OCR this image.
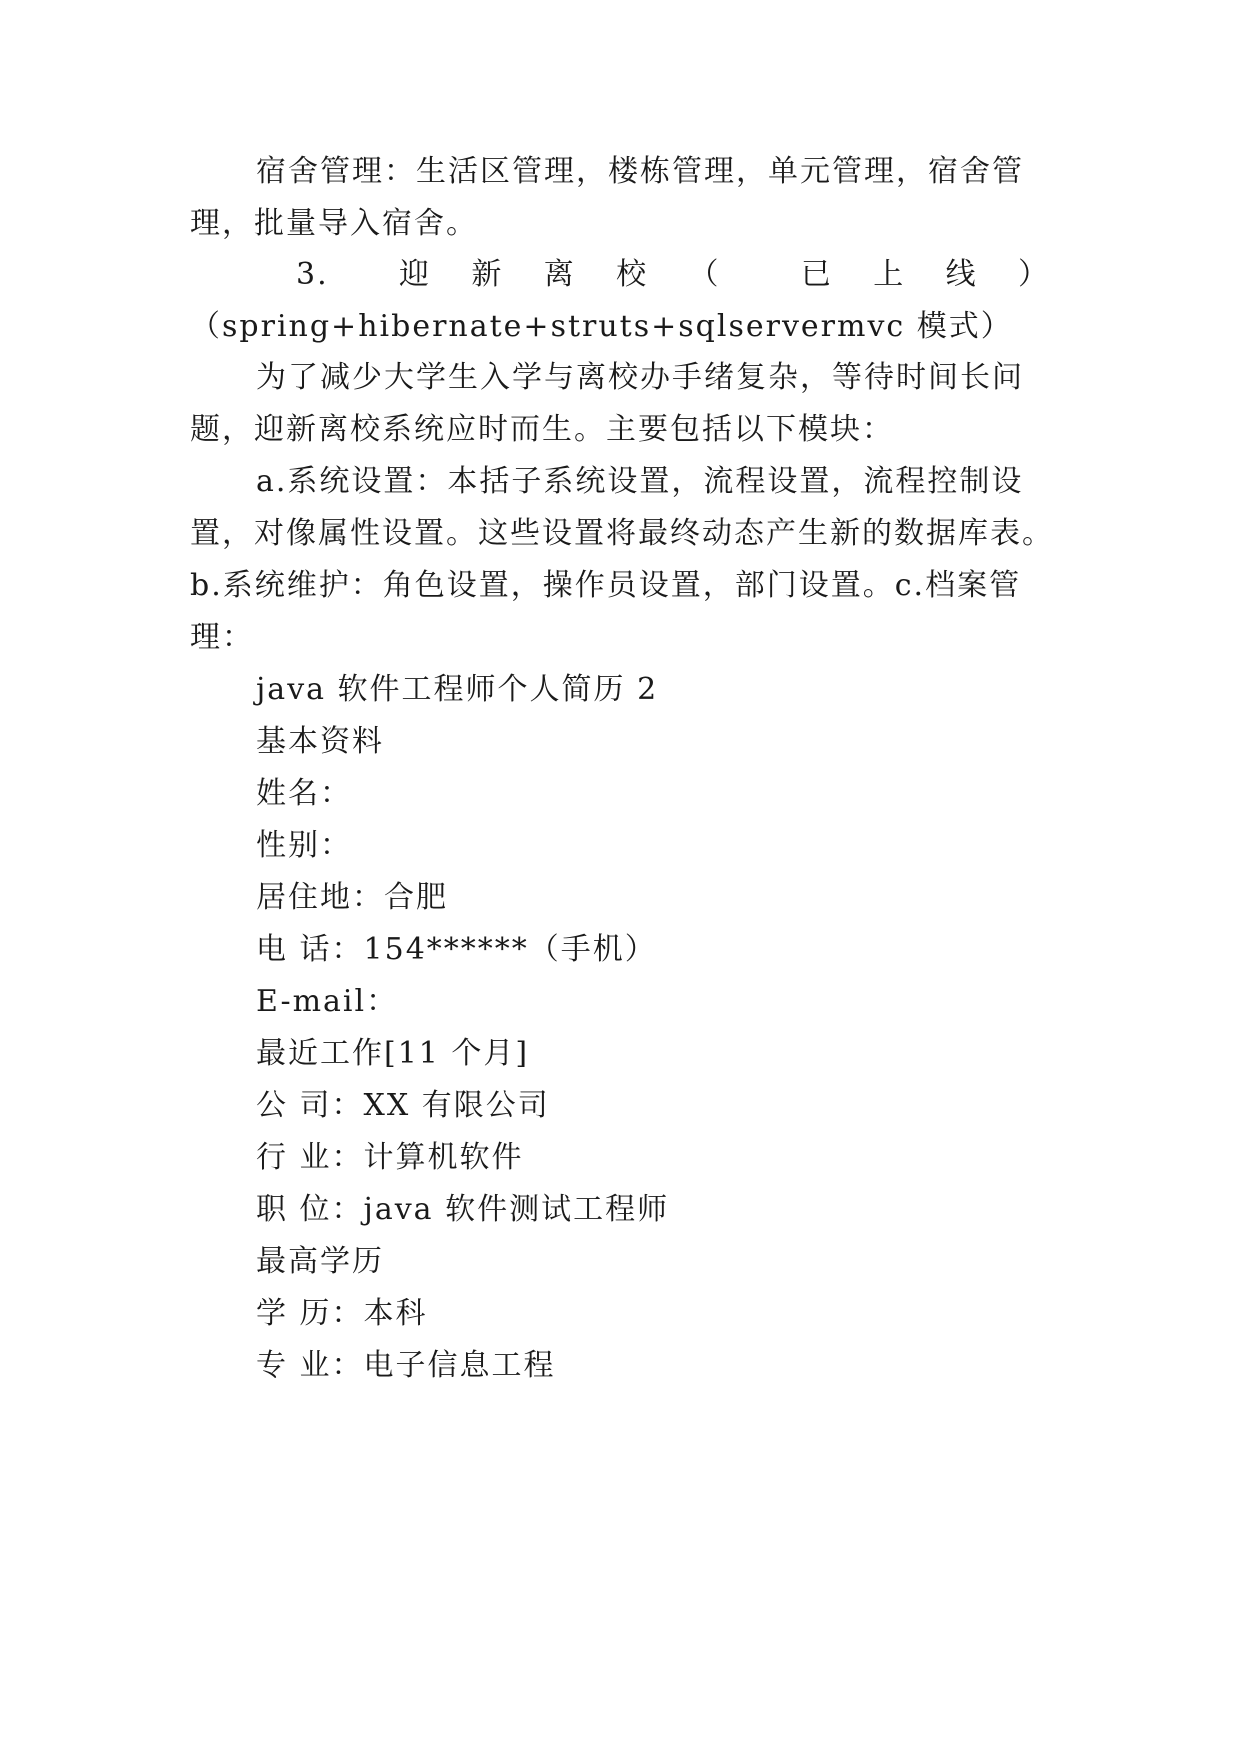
宿舍管理：生活区管理，楼栋管理，单元管理，宿舍管
理，批量导入宿舍。
3. 迎 新 离 校 （	已 上 线 ）
（spring+hibernate+struts+sqlservermvc 模式）
为了减少大学生入学与离校办手绪复杂，等待时间长问
题，迎新离校系统应时而生。主要包括以下模块：
a.系统设置：本括子系统设置，流程设置，流程控制设
置，对像属性设置。这些设置将最终动态产生新的数据库表。
b.系统维护：角色设置，操作员设置，部门设置。c.档案管
理：
java 软件工程师个人简历 2
基本资料
姓名：
性别：
居住地：合肥
电 话：154******（手机）
E-mail：
最近工作[11 个月]
公 司：XX 有限公司
行 业：计算机软件
职 位：java 软件测试工程师
最高学历
学 历：本科
专 业：电子信息工程
